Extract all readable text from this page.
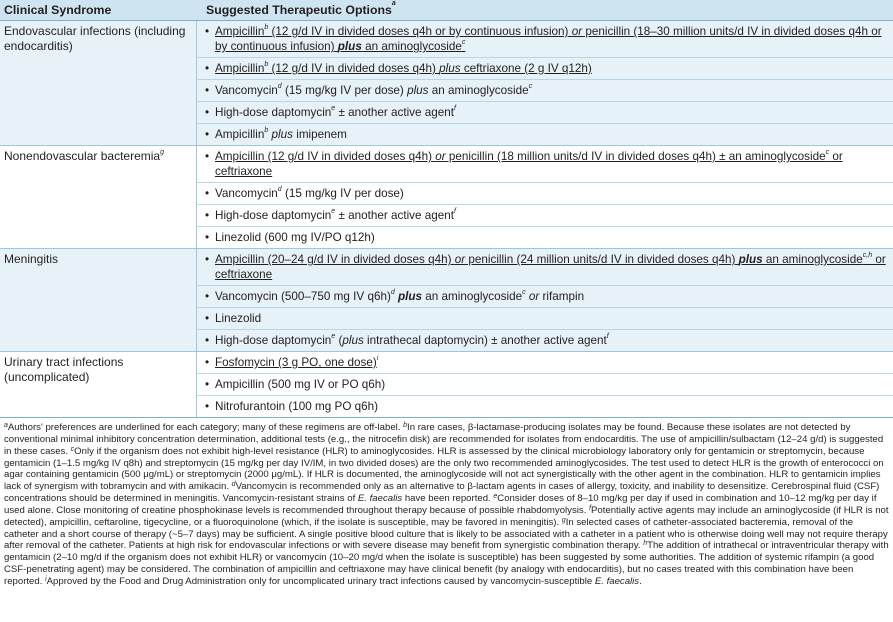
Clinical Syndrome	Suggested Therapeutic Options$^a$
Endovascular infections (including endocarditis)
• Ampicillin$^b$ (12 g/d IV in divided doses q4h or by continuous infusion) or penicillin (18–30 million units/d IV in divided doses q4h or by continuous infusion) plus an aminoglycoside$^c$
• Ampicillin$^b$ (12 g/d IV in divided doses q4h) plus ceftriaxone (2 g IV q12h)
• Vancomycin$^d$ (15 mg/kg IV per dose) plus an aminoglycoside$^c$
• High-dose daptomycin$^e$ ± another active agent$^f$
• Ampicillin$^b$ plus imipenem
Nonendovascular bacteremia$^g$	• Ampicillin (12 g/d IV in divided doses q4h) or penicillin (18 million units/d IV in divided doses q4h) ± an aminoglycoside$^c$ or ceftriaxone
• Vancomycin$^d$ (15 mg/kg IV per dose)
• High-dose daptomycin$^e$ ± another active agent$^f$
• Linezolid (600 mg IV/PO q12h)
Meningitis	• Ampicillin (20–24 g/d IV in divided doses q4h) or penicillin (24 million units/d IV in divided doses q4h) plus an aminoglycoside$^{c,h}$ or ceftriaxone
• Vancomycin (500–750 mg IV q6h)$^d$ plus an aminoglycoside$^c$ or rifampin
• Linezolid
• High-dose daptomycin$^e$ (plus intrathecal daptomycin) ± another active agent$^f$
Urinary tract infections (uncomplicated)
• Fosfomycin (3 g PO, one dose)$^i$
• Ampicillin (500 mg IV or PO q6h)
• Nitrofurantoin (100 mg PO q6h)

$^a$Authors' preferences are underlined for each category; many of these regimens are off-label. $^b$In rare cases, β-lactamase-producing isolates may be found. Because these isolates are not detected by conventional minimal inhibitory concentration determination, additional tests (e.g., the nitrocefin disk) are recommended for isolates from endocarditis. The use of ampicillin/sulbactam (12–24 g/d) is suggested in these cases. $^c$Only if the organism does not exhibit high-level resistance (HLR) to aminoglycosides. HLR is assessed by the clinical microbiology laboratory only for gentamicin or streptomycin, because gentamicin (1–1.5 mg/kg IV q8h) and streptomycin (15 mg/kg per day IV/IM, in two divided doses) are the only two recommended aminoglycosides. The test used to detect HLR is the growth of enterococci on agar containing gentamicin (500 μg/mL) or streptomycin (2000 μg/mL). If HLR is documented, the aminoglycoside will not act synergistically with the other agent in the combination. HLR to gentamicin implies lack of synergism with tobramycin and with amikacin. $^d$Vancomycin is recommended only as an alternative to β-lactam agents in cases of allergy, toxicity, and inability to desensitize. Cerebrospinal fluid (CSF) concentrations should be determined in meningitis. Vancomycin-resistant strains of E. faecalis have been reported. $^e$Consider doses of 8–10 mg/kg per day if used in combination and 10–12 mg/kg per day if used alone. Close monitoring of creatine phosphokinase levels is recommended throughout therapy because of possible rhabdomyolysis. $^f$Potentially active agents may include an aminoglycoside (if HLR is not detected), ampicillin, ceftaroline, tigecycline, or a fluoroquinolone (which, if the isolate is susceptible, may be favored in meningitis). $^g$In selected cases of catheter-associated bacteremia, removal of the catheter and a short course of therapy (~5–7 days) may be sufficient. A single positive blood culture that is likely to be associated with a catheter in a patient who is otherwise doing well may not require therapy after removal of the catheter. Patients at high risk for endovascular infections or with severe disease may benefit from synergistic combination therapy. $^h$The addition of intrathecal or intraventricular therapy with gentamicin (2–10 mg/d if the organism does not exhibit HLR) or vancomycin (10–20 mg/d when the isolate is susceptible) has been suggested by some authorities. The addition of systemic rifampin (a good CSF-penetrating agent) may be considered. The combination of ampicillin and ceftriaxone may have clinical benefit (by analogy with endocarditis), but no cases treated with this combination have been reported. $^i$Approved by the Food and Drug Administration only for uncomplicated urinary tract infections caused by vancomycin-susceptible E. faecalis.
